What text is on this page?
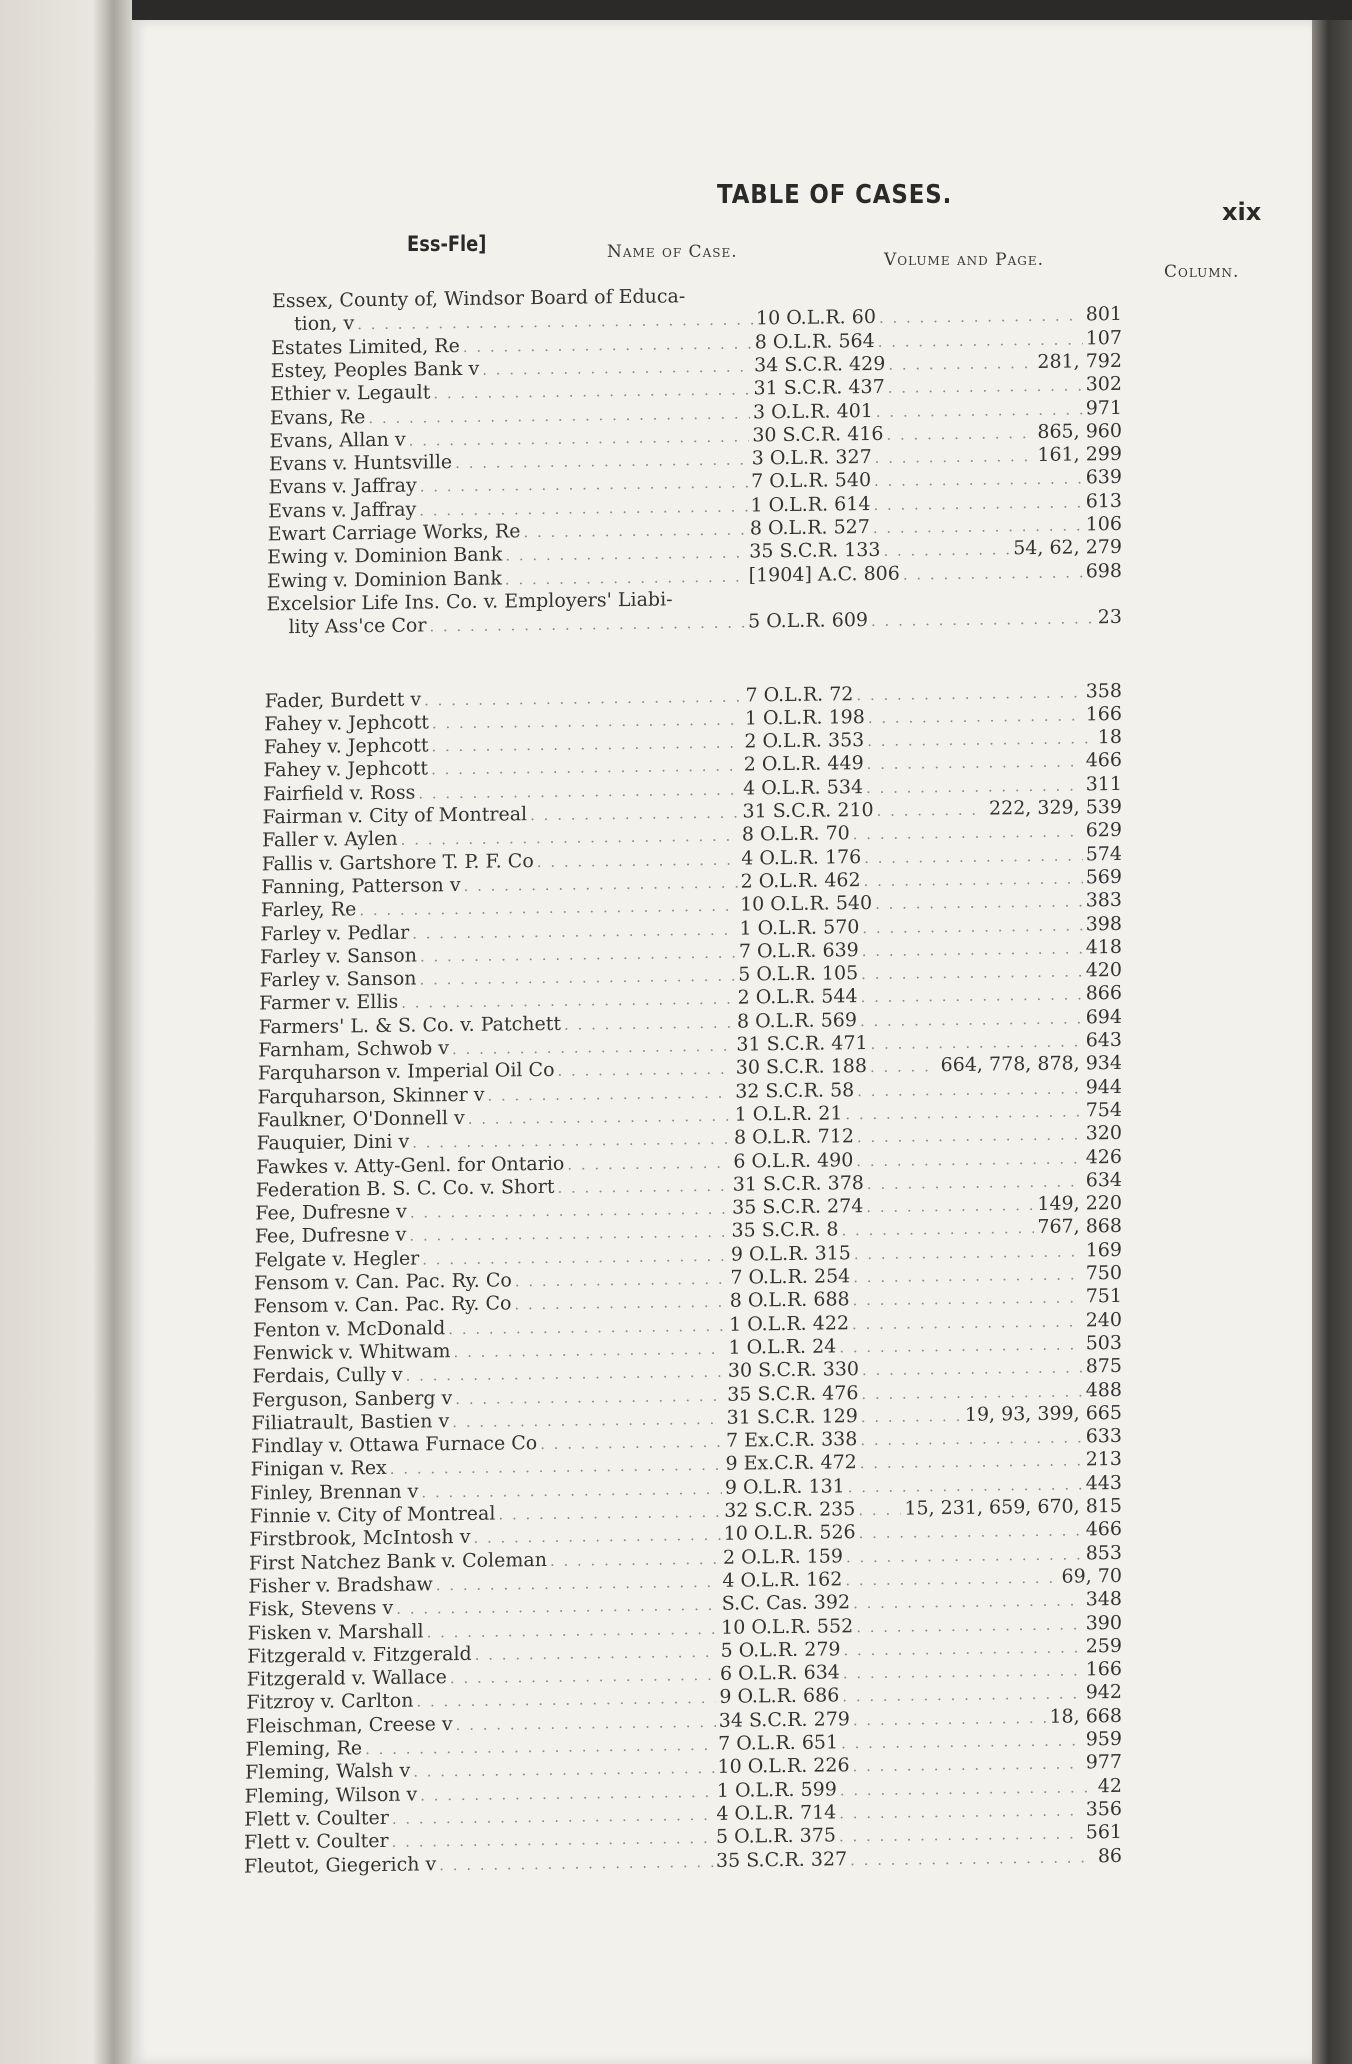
TABLE OF CASES.
xix
Ess-Fle]	Name of Case.	Volume and Page.
Column.
Essex, County of, Windsor Board of Educa-
tion, v . . .	10 O.L.R. 60 . . .	801
Estates Limited, Re . . .	8 O.L.R. 564 . . .	107
Estey, Peoples Bank v . . .	34 S.C.R. 429 . . .	281, 792
Ethier v. Legault . . .	31 S.C.R. 437 . . .	302
Evans, Re . . .	3 O.L.R. 401 . . .	971
Evans, Allan v . . .	30 S.C.R. 416 . . .	865, 960
Evans v. Huntsville . . .	3 O.L.R. 327 . . .	161, 299
Evans v. Jaffray . . .	7 O.L.R. 540 . . .	639
Evans v. Jaffray . . .	1 O.L.R. 614 . . .	613
Ewart Carriage Works, Re . . .	8 O.L.R. 527 . . .	106
Ewing v. Dominion Bank . . .	35 S.C.R. 133 . . .	54, 62, 279
Ewing v. Dominion Bank . . .	[1904] A.C. 806 . . .	698
Excelsior Life Ins. Co. v. Employers' Liabi-
lity Ass'ce Cor . . .	5 O.L.R. 609 . . .	23
Fader, Burdett v . . .	7 O.L.R. 72 . . .	358
Fahey v. Jephcott . . .	1 O.L.R. 198 . . .	166
Fahey v. Jephcott . . .	2 O.L.R. 353 . . .	18
Fahey v. Jephcott . . .	2 O.L.R. 449 . . .	466
Fairfield v. Ross . . .	4 O.L.R. 534 . . .	311
Fairman v. City of Montreal . . .	31 S.C.R. 210 . . .	222, 329, 539
Faller v. Aylen . . .	8 O.L.R. 70 . . .	629
Fallis v. Gartshore T. P. F. Co . . .	4 O.L.R. 176 . . .	574
Fanning, Patterson v . . .	2 O.L.R. 462 . . .	569
Farley, Re . . .	10 O.L.R. 540 . . .	383
Farley v. Pedlar . . .	1 O.L.R. 570 . . .	398
Farley v. Sanson . . .	7 O.L.R. 639 . . .	418
Farley v. Sanson . . .	5 O.L.R. 105 . . .	420
Farmer v. Ellis . . .	2 O.L.R. 544 . . .	866
Farmers' L. & S. Co. v. Patchett . . .	8 O.L.R. 569 . . .	694
Farnham, Schwob v . . .	31 S.C.R. 471 . . .	643
Farquharson v. Imperial Oil Co . . .	30 S.C.R. 188 . . .	664, 778, 878, 934
Farquharson, Skinner v . . .	32 S.C.R. 58 . . .	944
Faulkner, O'Donnell v . . .	1 O.L.R. 21 . . .	754
Fauquier, Dini v . . .	8 O.L.R. 712 . . .	320
Fawkes v. Atty-Genl. for Ontario . . .	6 O.L.R. 490 . . .	426
Federation B. S. C. Co. v. Short . . .	31 S.C.R. 378 . . .	634
Fee, Dufresne v . . .	35 S.C.R. 274 . . .	149, 220
Fee, Dufresne v . . .	35 S.C.R. 8 . . .	767, 868
Felgate v. Hegler . . .	9 O.L.R. 315 . . .	169
Fensom v. Can. Pac. Ry. Co . . .	7 O.L.R. 254 . . .	750
Fensom v. Can. Pac. Ry. Co . . .	8 O.L.R. 688 . . .	751
Fenton v. McDonald . . .	1 O.L.R. 422 . . .	240
Fenwick v. Whitwam . . .	1 O.L.R. 24 . . .	503
Ferdais, Cully v . . .	30 S.C.R. 330 . . .	875
Ferguson, Sanberg v . . .	35 S.C.R. 476 . . .	488
Filiatrault, Bastien v . . .	31 S.C.R. 129 . . .	19, 93, 399, 665
Findlay v. Ottawa Furnace Co . . .	7 Ex.C.R. 338 . . .	633
Finigan v. Rex . . .	9 Ex.C.R. 472 . . .	213
Finley, Brennan v . . .	9 O.L.R. 131 . . .	443
Finnie v. City of Montreal . . .	32 S.C.R. 235 . . .	15, 231, 659, 670, 815
Firstbrook, McIntosh v . . .	10 O.L.R. 526 . . .	466
First Natchez Bank v. Coleman . . .	2 O.L.R. 159 . . .	853
Fisher v. Bradshaw . . .	4 O.L.R. 162 . . .	69, 70
Fisk, Stevens v . . .	S.C. Cas. 392 . . .	348
Fisken v. Marshall . . .	10 O.L.R. 552 . . .	390
Fitzgerald v. Fitzgerald . . .	5 O.L.R. 279 . . .	259
Fitzgerald v. Wallace . . .	6 O.L.R. 634 . . .	166
Fitzroy v. Carlton . . .	9 O.L.R. 686 . . .	942
Fleischman, Creese v . . .	34 S.C.R. 279 . . .	18, 668
Fleming, Re . . .	7 O.L.R. 651 . . .	959
Fleming, Walsh v . . .	10 O.L.R. 226 . . .	977
Fleming, Wilson v . . .	1 O.L.R. 599 . . .	42
Flett v. Coulter . . .	4 O.L.R. 714 . . .	356
Flett v. Coulter . . .	5 O.L.R. 375 . . .	561
Fleutot, Giegerich v . . .	35 S.C.R. 327 . . .	86
